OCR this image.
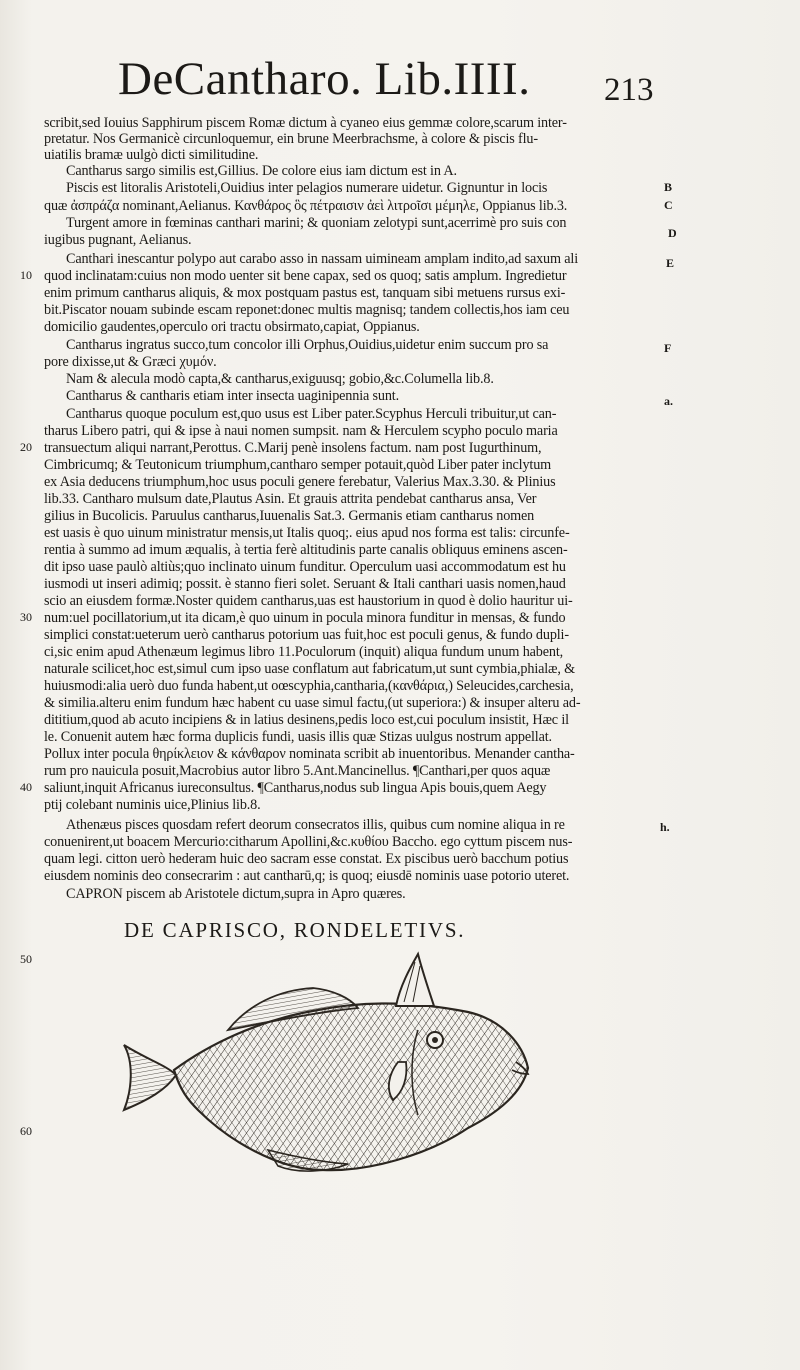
DeCantharo. Lib.IIII. 213
scribit,sed Iouius Sapphirum piscem Romæ dictum à cyaneo eius gemmæ colore,scarum inter-
pretatur. Nos Germanicè circunloquemur, ein brune Meerbrachsme, à colore & piscis flu-
uiatilis bramæ uulgò dicti similitudine.
Cantharus sargo similis est,Gillius. De colore eius iam dictum est in A.
Piscis est litoralis Aristoteli,Ouidius inter pelagios numerare uidetur. Gignuntur in locis
quæ ἀσπράζα nominant,Aelianus. Κανθάρος ὃς πέτραισιν ἀεὶ λιτροῖσι μέμηλε, Oppianus lib.3.
Turgent amore in fœminas canthari marini; & quoniam zelotypi sunt,acerrimè pro suis con
iugibus pugnant, Aelianus.
Canthari inescantur polypo aut carabo asso in nassam uimineam amplam indito,ad saxum ali
quod inclinatam:cuius non modo uenter sit bene capax, sed os quoq; satis amplum. Ingredietur
enim primum cantharus aliquis, & mox postquam pastus est, tanquam sibi metuens rursus exi-
bit.Piscator nouam subinde escam reponet:donec multis magnisq; tandem collectis,hos iam ceu
domicilio gaudentes,operculo ori tractu obsirmato,capiat, Oppianus.
Cantharus ingratus succo,tum concolor illi Orphus,Ouidius,uidetur enim succum pro sa
pore dixisse,ut & Græci χυμόν.
Nam & alecula modò capta,& cantharus,exiguusq; gobio,&c.Columella lib.8.
Cantharus & cantharis etiam inter insecta uaginipennia sunt.
Cantharus quoque poculum est,quo usus est Liber pater.Scyphus Herculi tribuitur,ut can-
tharus Libero patri, qui & ipse à naui nomen sumpsit. nam & Herculem scypho poculo maria
transuectum aliqui narrant,Perottus. C.Marij penè insolens factum. nam post Iugurthinum,
Cimbricumq; & Teutonicum triumphum,cantharo semper potauit,quòd Liber pater inclytum
ex Asia deducens triumphum,hoc usus poculi genere ferebatur, Valerius Max.3.30. & Plinius
lib.33. Cantharo mulsum date,Plautus Asin. Et grauis attrita pendebat cantharus ansa, Ver
gilius in Bucolicis. Paruulus cantharus,Iuuenalis Sat.3. Germanis etiam cantharus nomen
est uasis è quo uinum ministratur mensis,ut Italis quoq;. eius apud nos forma est talis: circunfe-
rentia à summo ad imum æqualis, à tertia ferè altitudinis parte canalis obliquus eminens ascen-
dit ipso uase paulò altiùs;quo inclinato uinum funditur. Operculum uasi accommodatum est hu
iusmodi ut inseri adimiq; possit. è stanno fieri solet. Seruant & Itali canthari uasis nomen,haud
scio an eiusdem formæ.Noster quidem cantharus,uas est haustorium in quod è dolio hauritur ui-
num:uel pocillatorium,ut ita dicam,è quo uinum in pocula minora funditur in mensas, & fundo
simplici constat:ueterum uerò cantharus potorium uas fuit,hoc est poculi genus, & fundo dupli-
ci,sic enim apud Athenæum legimus libro 11.Poculorum (inquit) aliqua fundum unum habent,
naturale scilicet,hoc est,simul cum ipso uase conflatum aut fabricatum,ut sunt cymbia,phialæ, &
huiusmodi:alia uerò duo funda habent,ut oœscyphia,cantharia,(κανθάρια,) Seleucides,carchesia,
& similia.alteru enim fundum hæc habent cu uase simul factu,(ut superiora:) & insuper alteru ad-
dititium,quod ab acuto incipiens & in latius desinens,pedis loco est,cui poculum insistit, Hæc il
le. Conuenit autem hæc forma duplicis fundi, uasis illis quæ Stizas uulgus nostrum appellat.
Pollux inter pocula θηρίκλειον & κάνθαρον nominata scribit ab inuentoribus. Menander cantha-
rum pro nauicula posuit,Macrobius autor libro 5.Ant.Mancinellus. ¶Canthari,per quos aquæ
saliunt,inquit Africanus iureconsultus. ¶Cantharus,nodus sub lingua Apis bouis,quem Aegy
ptij colebant numinis uice,Plinius lib.8.
Athenæus pisces quosdam refert deorum consecratos illis, quibus cum nomine aliqua in re
conuenirent,ut boacem Mercurio:citharum Apollini,&c.κυθίου Baccho. ego cyttum piscem nus-
quam legi. citton uerò hederam huic deo sacram esse constat. Ex piscibus uerò bacchum potius
eiusdem nominis deo consecrarim : aut cantharū,q; is quoq; eiusdē nominis uase potorio uteret.
CAPRON piscem ab Aristotele dictum,supra in Apro quæres.
B
C
D
E
F
a.
h.
10
20
30
40
50
60
DE CAPRISCO, RONDELETIVS.
